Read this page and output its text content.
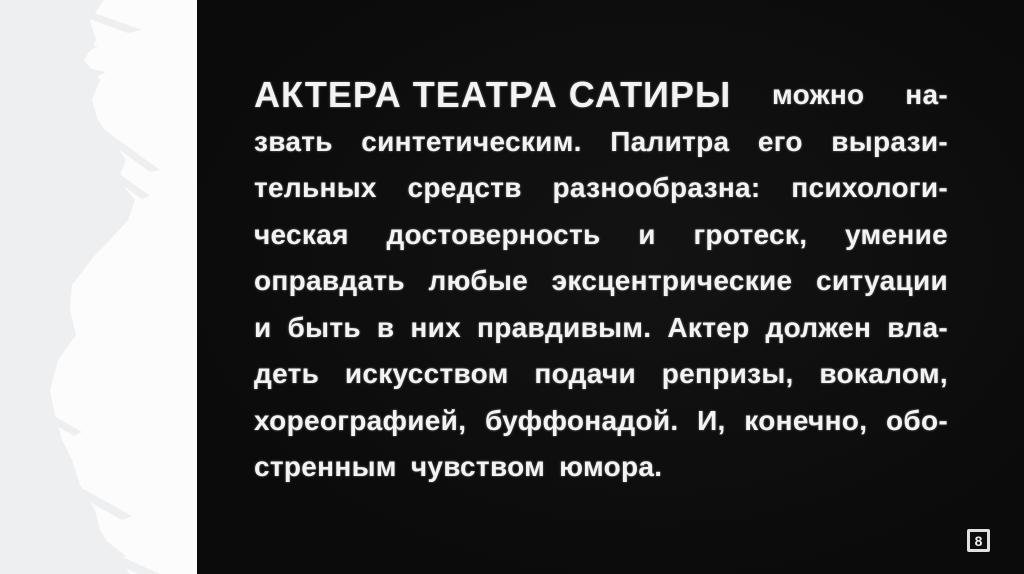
АКТЕРА ТЕАТРА САТИРЫ можно на-
звать синтетическим. Палитра его вырази-
тельных средств разнообразна: психологи-
ческая достоверность и гротеск, умение
оправдать любые эксцентрические ситуации
и быть в них правдивым. Актер должен вла-
деть искусством подачи репризы, вокалом,
хореографией, буффонадой. И, конечно, обо-
стренным чувством юмора.
8
